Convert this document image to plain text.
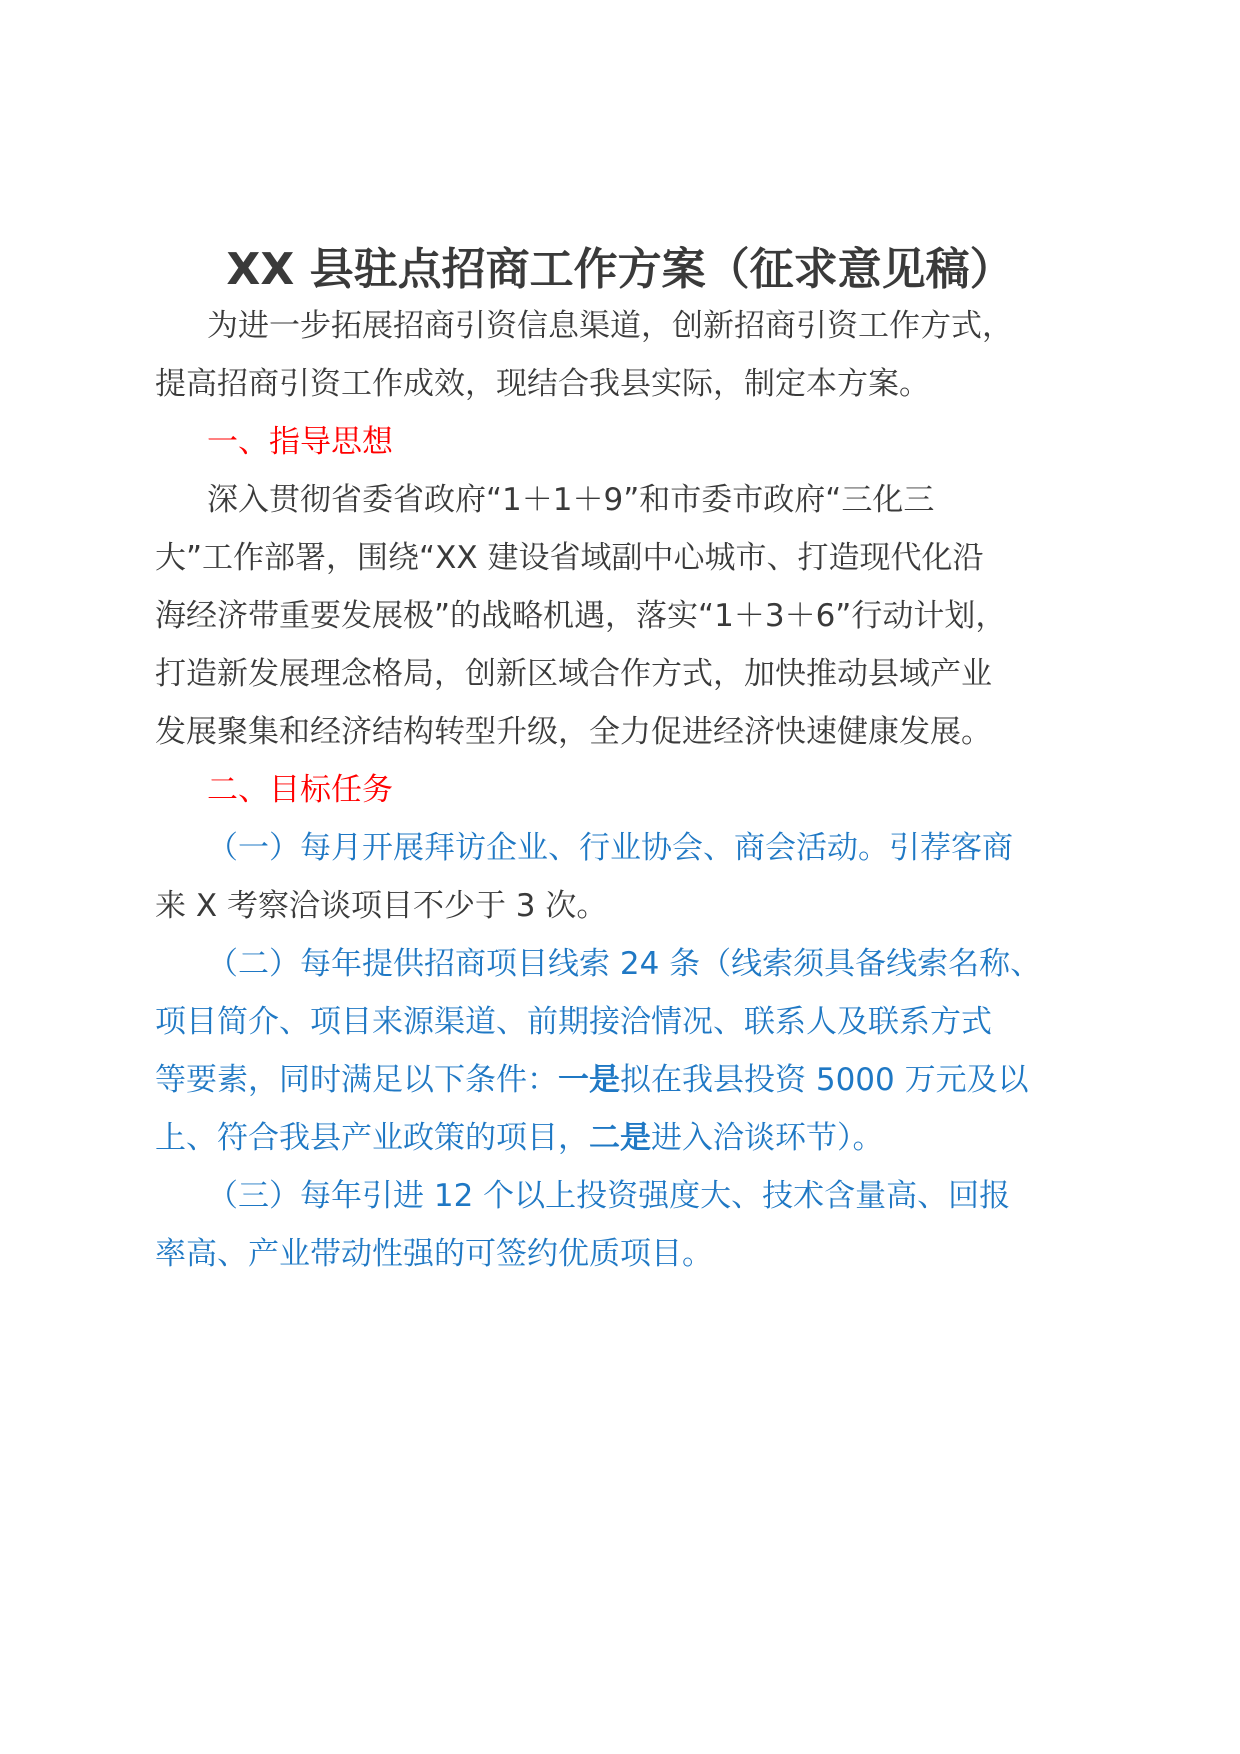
XX 县驻点招商工作方案（征求意见稿）
为进一步拓展招商引资信息渠道，创新招商引资工作方式，
提高招商引资工作成效，现结合我县实际，制定本方案。
一、指导思想
深入贯彻省委省政府“1＋1＋9”和市委市政府“三化三
大”工作部署，围绕“XX 建设省域副中心城市、打造现代化沿
海经济带重要发展极”的战略机遇，落实“1＋3＋6”行动计划，
打造新发展理念格局，创新区域合作方式，加快推动县域产业
发展聚集和经济结构转型升级，全力促进经济快速健康发展。
二、目标任务
（一）每月开展拜访企业、行业协会、商会活动。引荐客商
来 X 考察洽谈项目不少于 3 次。
（二）每年提供招商项目线索 24 条（线索须具备线索名称、
项目简介、项目来源渠道、前期接洽情况、联系人及联系方式
等要素，同时满足以下条件：一是拟在我县投资 5000 万元及以
上、符合我县产业政策的项目，二是进入洽谈环节）。
（三）每年引进 12 个以上投资强度大、技术含量高、回报
率高、产业带动性强的可签约优质项目。
